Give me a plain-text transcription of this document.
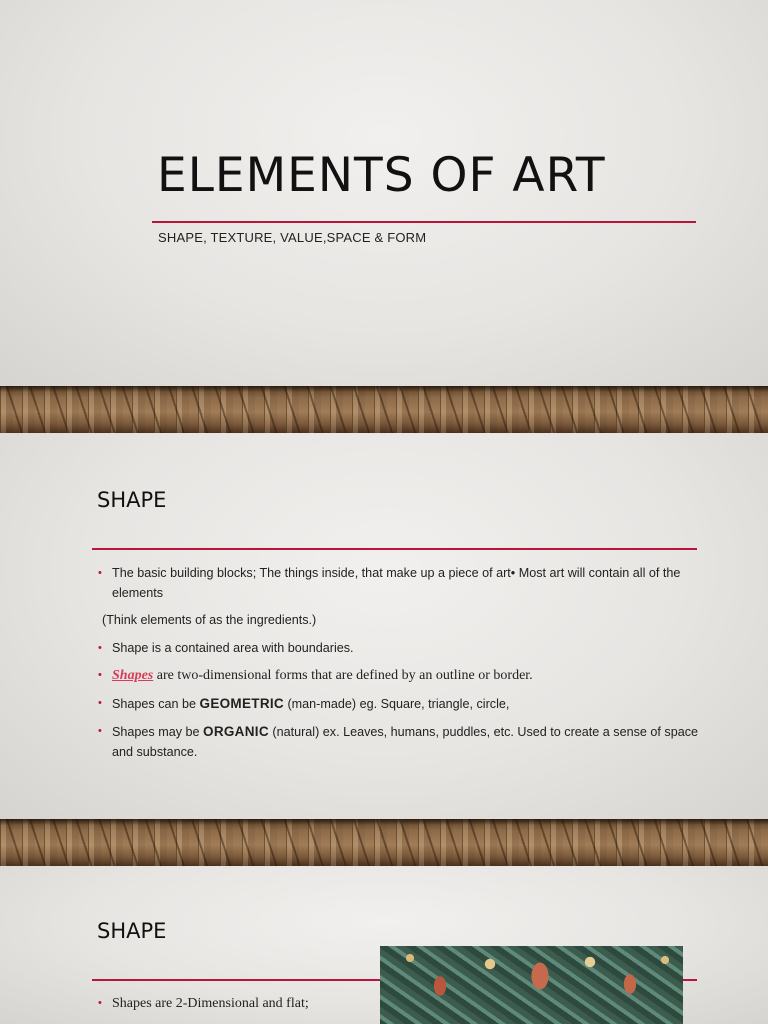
ELEMENTS OF ART
SHAPE, TEXTURE, VALUE,SPACE & FORM
SHAPE
• The basic building blocks; The things inside, that make up a piece of art• Most art will contain all of the elements
(Think elements of as the ingredients.)
• Shape is a contained area with boundaries.
• Shapes are two-dimensional forms that are defined by an outline or border.
• Shapes can be GEOMETRIC (man-made) eg. Square, triangle, circle,
• Shapes may be ORGANIC (natural) ex. Leaves, humans, puddles, etc. Used to create a sense of space and substance.
SHAPE
• Shapes are 2-Dimensional and flat;
